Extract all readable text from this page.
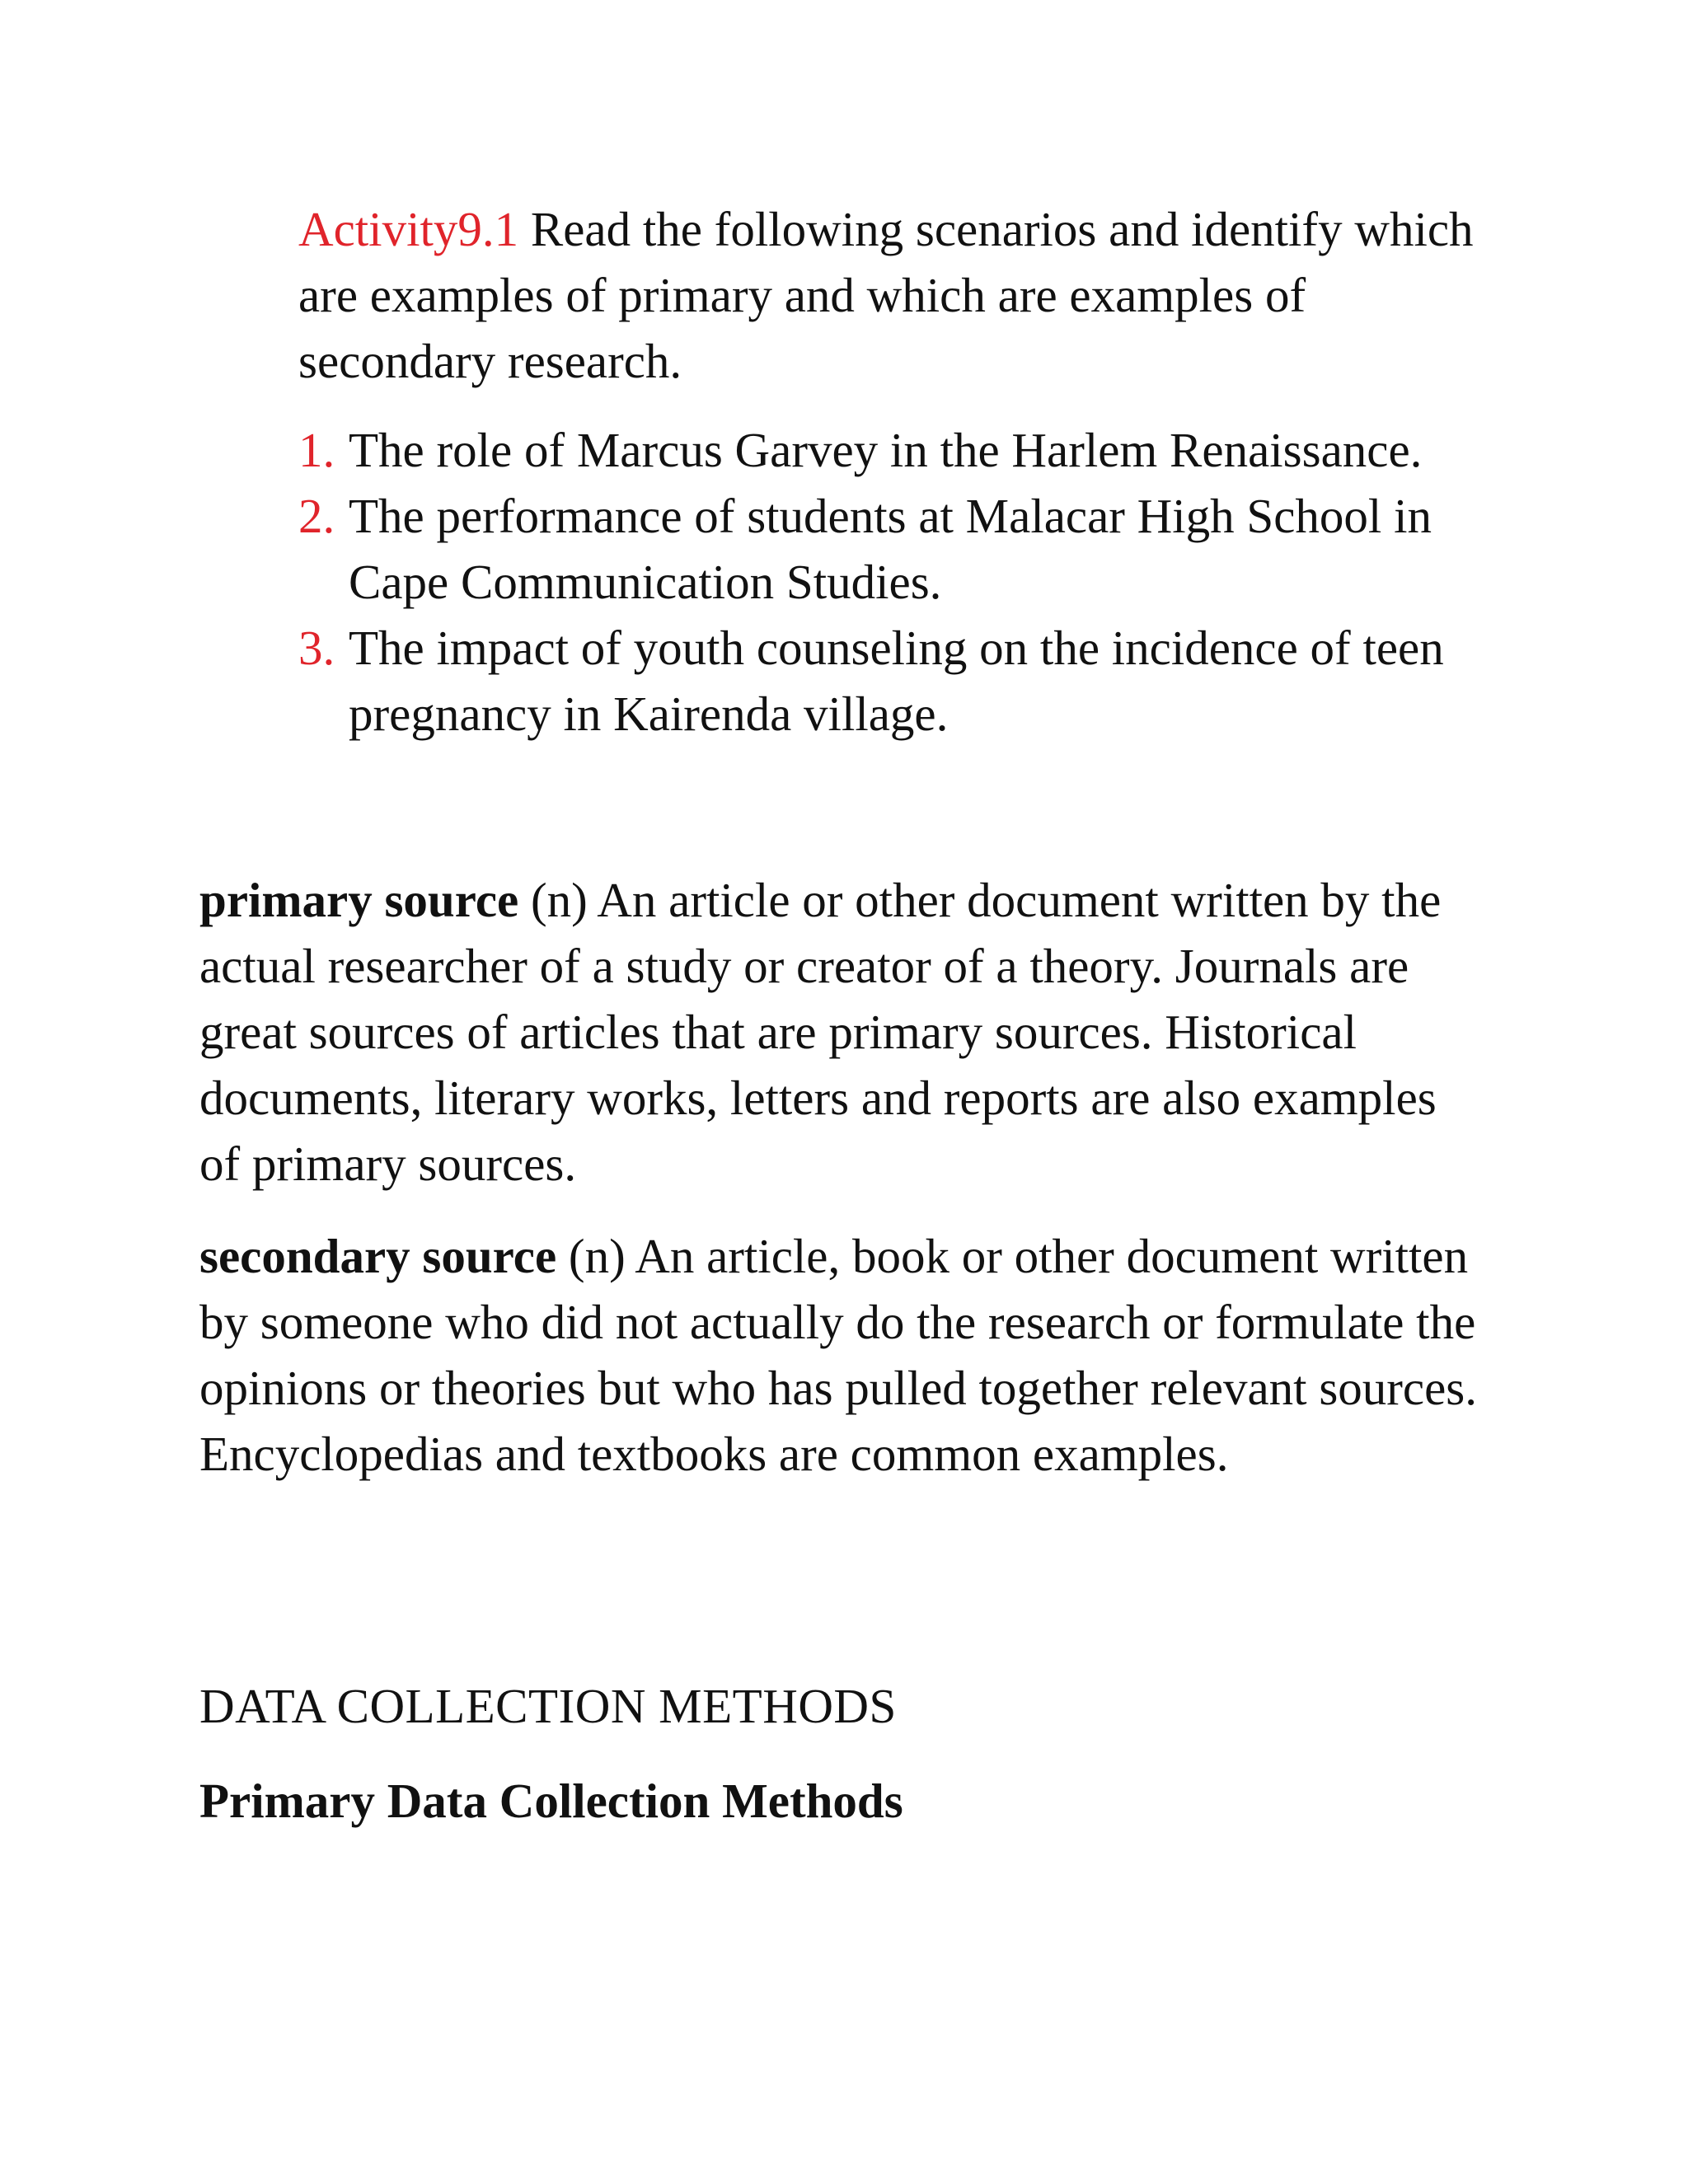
Activity9.1 Read the following scenarios and identify which are examples of primary and which are examples of secondary research.
1. The role of Marcus Garvey in the Harlem Renaissance.
2. The performance of students at Malacar High School in Cape Communication Studies.
3. The impact of youth counseling on the incidence of teen pregnancy in Kairenda village.

primary source (n) An article or other document written by the actual researcher of a study or creator of a theory. Journals are great sources of articles that are primary sources. Historical documents, literary works, letters and reports are also examples of primary sources.

secondary source (n) An article, book or other document written by someone who did not actually do the research or formulate the opinions or theories but who has pulled together relevant sources. Encyclopedias and textbooks are common examples.

DATA COLLECTION METHODS
Primary Data Collection Methods
